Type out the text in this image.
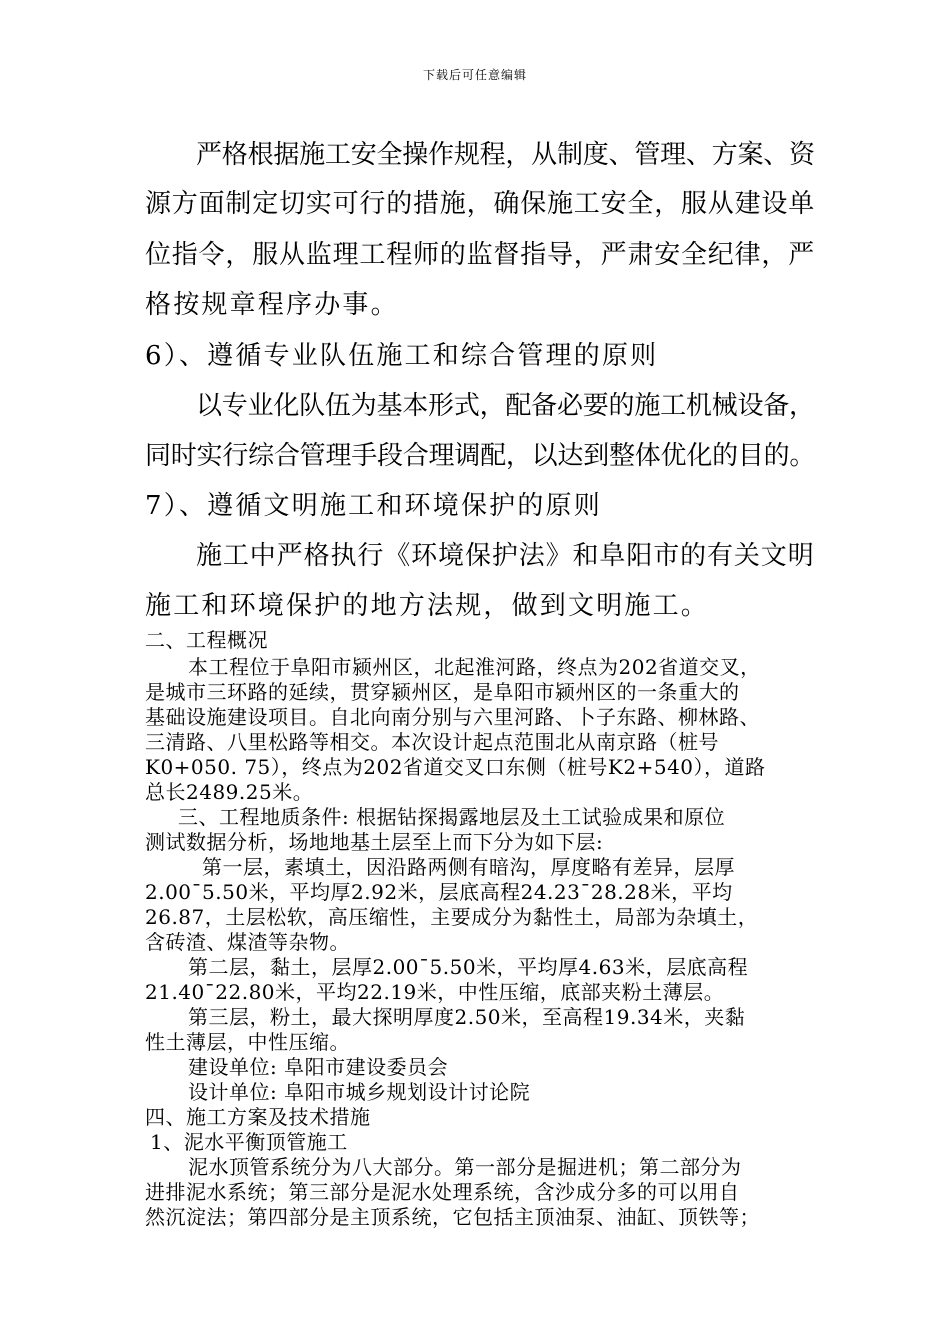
下载后可任意编辑
严格根据施工安全操作规程，从制度、管理、方案、资
源方面制定切实可行的措施，确保施工安全，服从建设单
位指令，服从监理工程师的监督指导，严肃安全纪律，严
格按规章程序办事。
6）、遵循专业队伍施工和综合管理的原则
以专业化队伍为基本形式，配备必要的施工机械设备，
同时实行综合管理手段合理调配，以达到整体优化的目的。
7）、遵循文明施工和环境保护的原则
施工中严格执行《环境保护法》和阜阳市的有关文明
施工和环境保护的地方法规，做到文明施工。
二、工程概况
本工程位于阜阳市颍州区，北起淮河路，终点为202省道交叉，
是城市三环路的延续，贯穿颍州区，是阜阳市颍州区的一条重大的
基础设施建设项目。自北向南分别与六里河路、卜子东路、柳林路、
三清路、八里松路等相交。本次设计起点范围北从南京路（桩号
K0+050. 75），终点为202省道交叉口东侧（桩号K2+540），道路
总长2489.25米。
三、工程地质条件: 根据钻探揭露地层及土工试验成果和原位
测试数据分析，场地地基土层至上而下分为如下层:
第一层，素填土，因沿路两侧有暗沟，厚度略有差异，层厚
2.00¯5.50米，平均厚2.92米，层底高程24.23¯28.28米，平均
26.87，土层松软，高压缩性，主要成分为黏性土，局部为杂填土，
含砖渣、煤渣等杂物。
第二层，黏土，层厚2.00¯5.50米，平均厚4.63米，层底高程
21.40¯22.80米，平均22.19米，中性压缩，底部夹粉土薄层。
第三层，粉土，最大探明厚度2.50米，至高程19.34米，夹黏
性土薄层，中性压缩。
建设单位: 阜阳市建设委员会
设计单位: 阜阳市城乡规划设计讨论院
四、施工方案及技术措施
1、泥水平衡顶管施工
泥水顶管系统分为八大部分。第一部分是掘进机；第二部分为
进排泥水系统；第三部分是泥水处理系统，含沙成分多的可以用自
然沉淀法；第四部分是主顶系统，它包括主顶油泵、油缸、顶铁等；
